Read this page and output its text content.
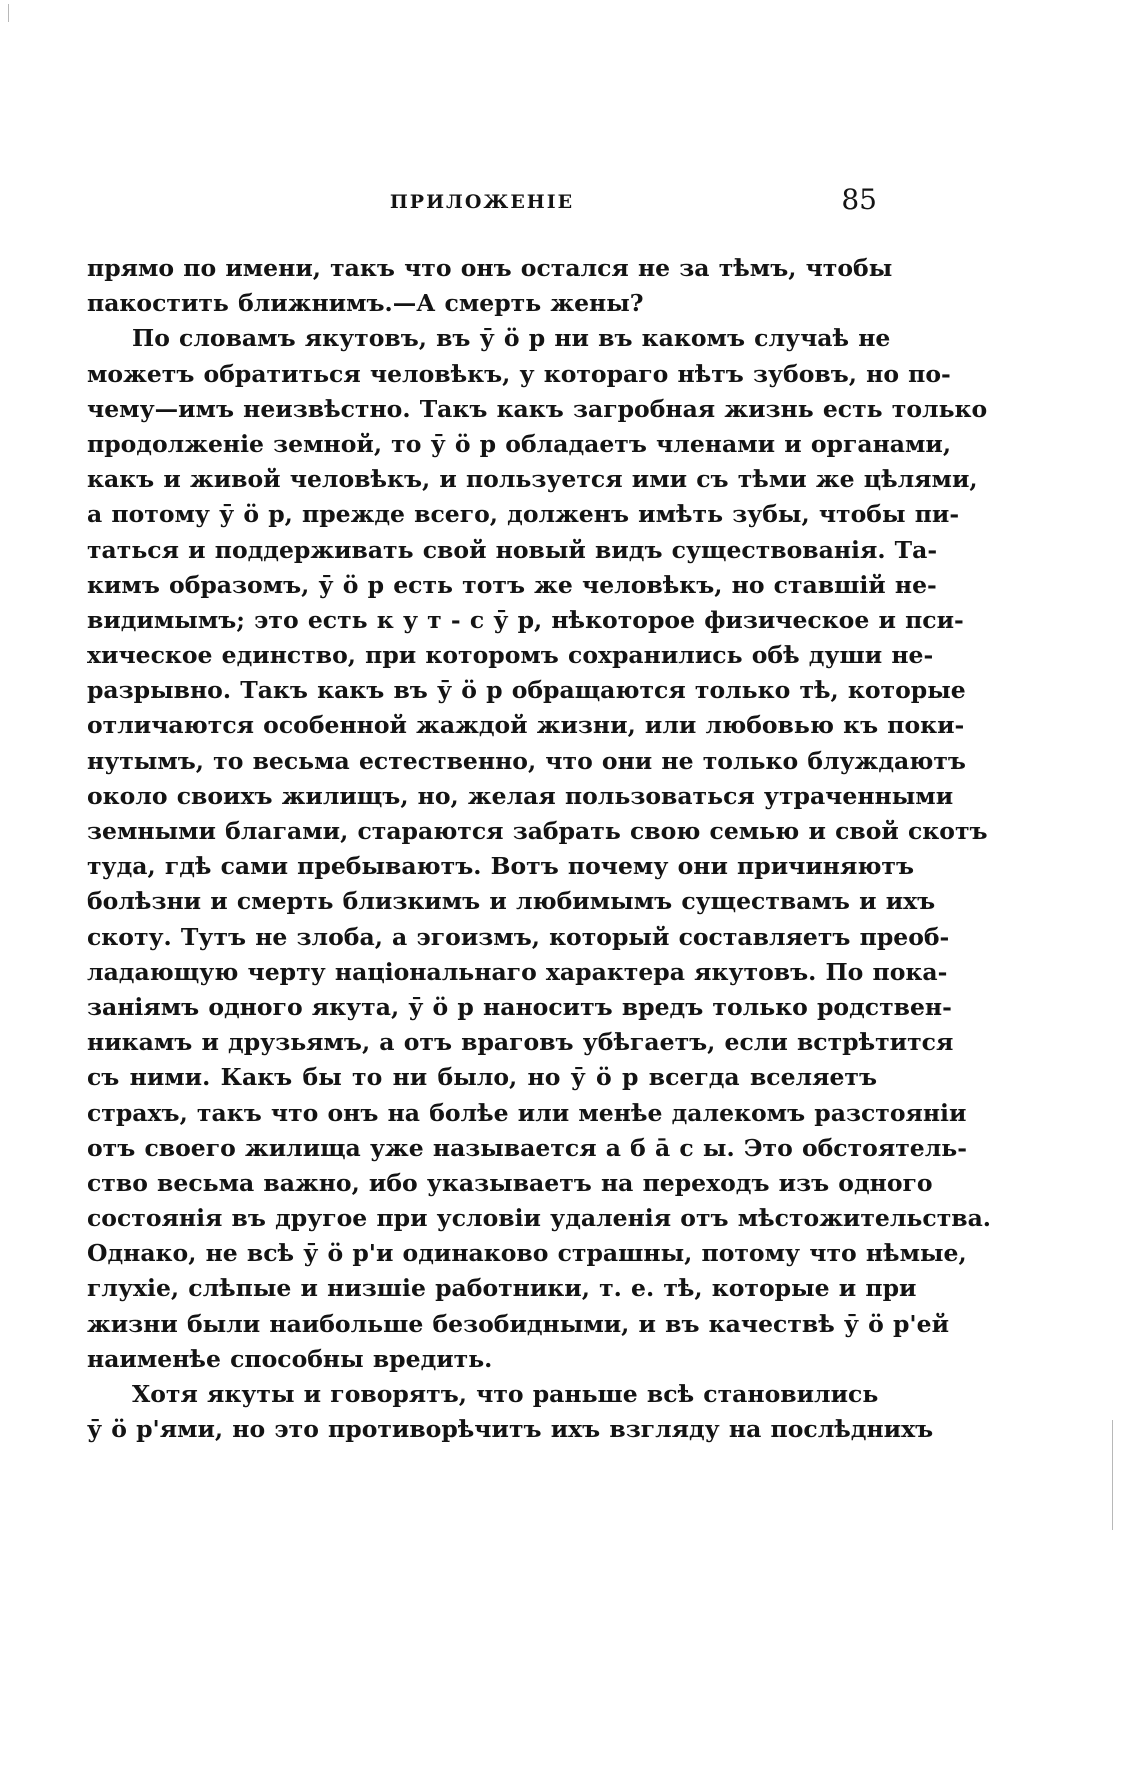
ПРИЛОЖЕНІЕ	85
прямо по имени, такъ что онъ остался не за тѣмъ, чтобы
пакостить ближнимъ.—А смерть жены?
По словамъ якутовъ, въ ӯ ö р ни въ какомъ случаѣ не
можетъ обратиться человѣкъ, у котораго нѣтъ зубовъ, но по-
чему—имъ неизвѣстно. Такъ какъ загробная жизнь есть только
продолженіе земной, то ӯ ö р обладаетъ членами и органами,
какъ и живой человѣкъ, и пользуется ими съ тѣми же цѣлями,
а потому ӯ ö р, прежде всего, долженъ имѣть зубы, чтобы пи-
таться и поддерживать свой новый видъ существованія. Та-
кимъ образомъ, ӯ ö р есть тотъ же человѣкъ, но ставшій не-
видимымъ; это есть к у т - с ӯ р, нѣкоторое физическое и пси-
хическое единство, при которомъ сохранились обѣ души не-
разрывно. Такъ какъ въ ӯ ö р обращаются только тѣ, которые
отличаются особенной жаждой жизни, или любовью къ поки-
нутымъ, то весьма естественно, что они не только блуждаютъ
около своихъ жилищъ, но, желая пользоваться утраченными
земными благами, стараются забрать свою семью и свой скотъ
туда, гдѣ сами пребываютъ. Вотъ почему они причиняютъ
болѣзни и смерть близкимъ и любимымъ существамъ и ихъ
скоту. Тутъ не злоба, а эгоизмъ, который составляетъ преоб-
ладающую черту національнаго характера якутовъ. По пока-
заніямъ одного якута, ӯ ö р наноситъ вредъ только родствен-
никамъ и друзьямъ, а отъ враговъ убѣгаетъ, если встрѣтится
съ ними. Какъ бы то ни было, но ӯ ö р всегда вселяетъ
страхъ, такъ что онъ на болѣе или менѣе далекомъ разстояніи
отъ своего жилища уже называется а б а̄ с ы. Это обстоятель-
ство весьма важно, ибо указываетъ на переходъ изъ одного
состоянія въ другое при условіи удаленія отъ мѣстожительства.
Однако, не всѣ ӯ ö р'и одинаково страшны, потому что нѣмые,
глухіе, слѣпые и низшіе работники, т. е. тѣ, которые и при
жизни были наибольше безобидными, и въ качествѣ ӯ ö р'ей
наименѣе способны вредить.
Хотя якуты и говорятъ, что раньше всѣ становились
ӯ ö р'ями, но это противорѣчитъ ихъ взгляду на послѣднихъ
